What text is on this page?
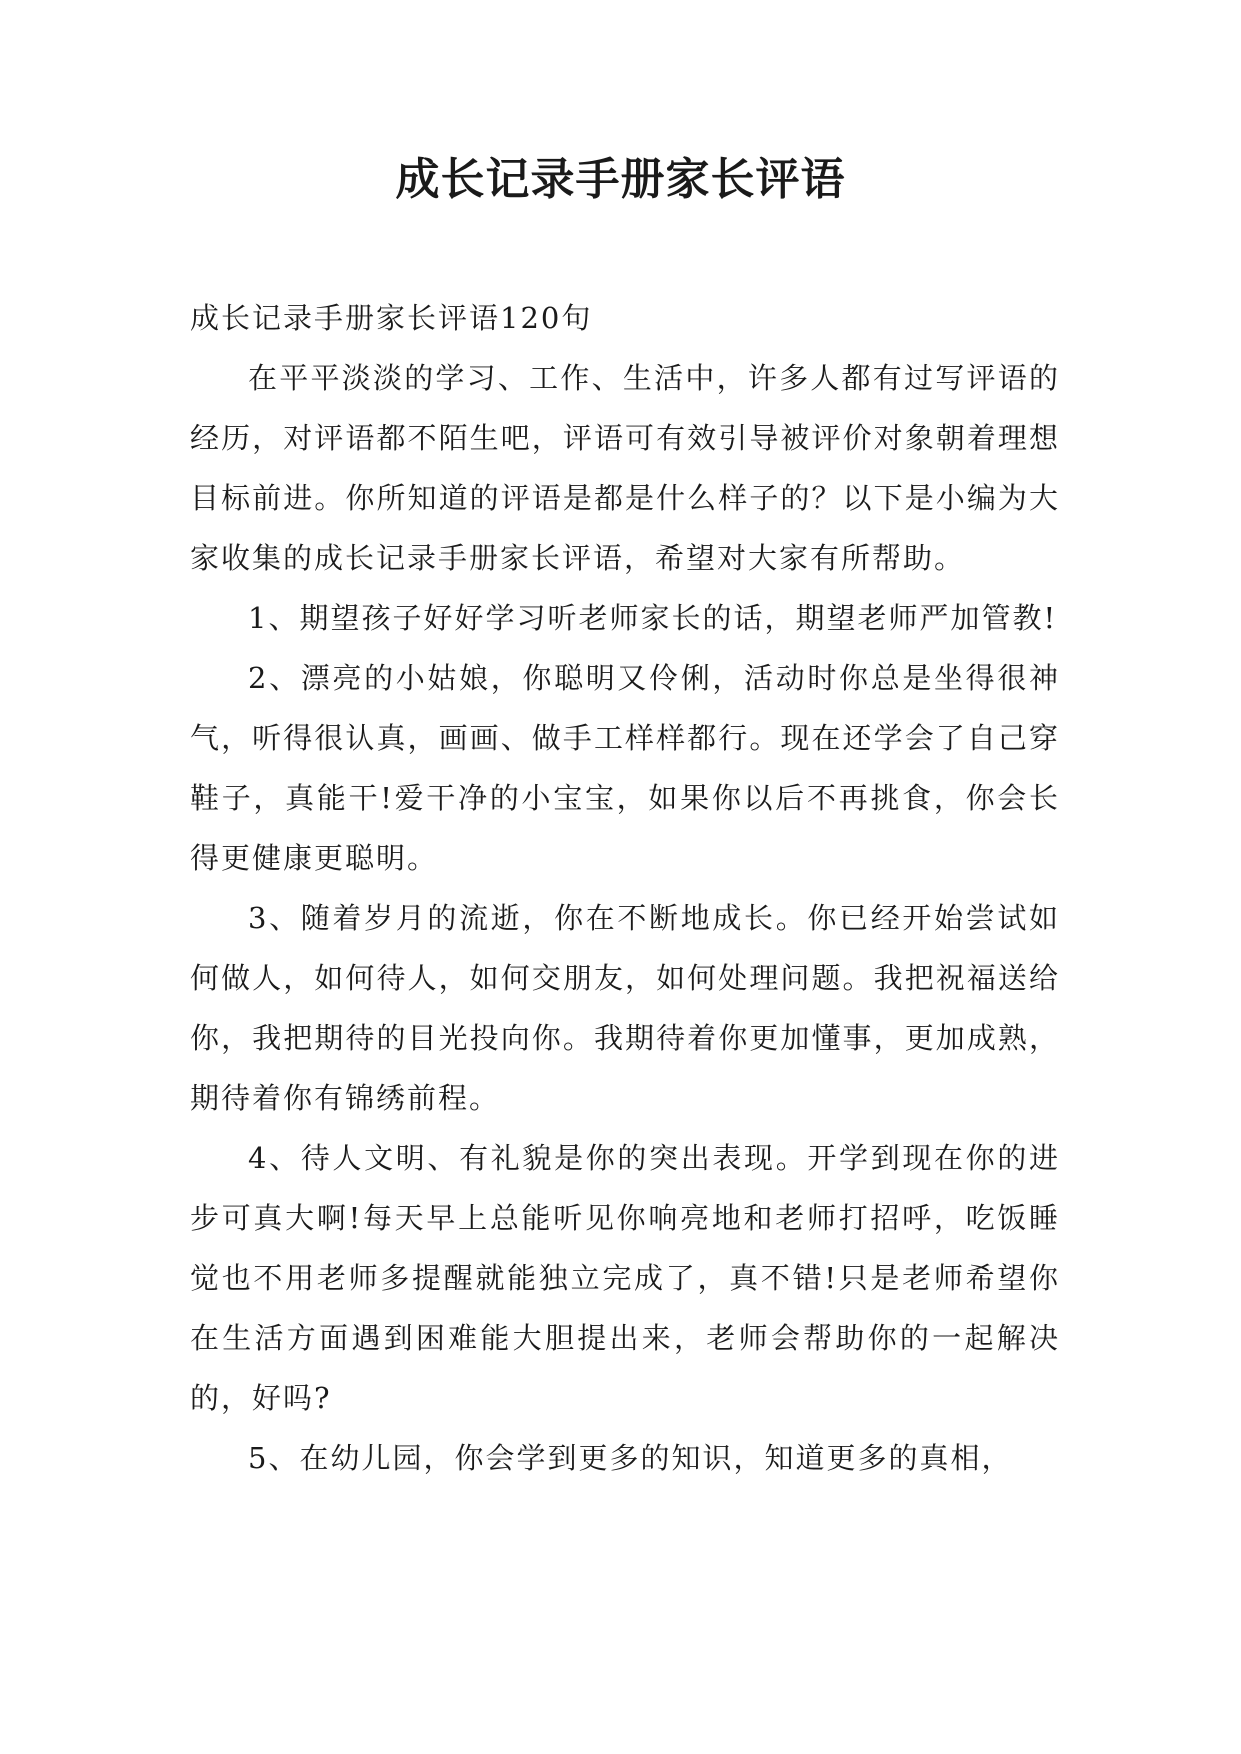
成长记录手册家长评语

成长记录手册家长评语120句

在平平淡淡的学习、工作、生活中，许多人都有过写评语的经历，对评语都不陌生吧，评语可有效引导被评价对象朝着理想目标前进。你所知道的评语是都是什么样子的？以下是小编为大家收集的成长记录手册家长评语，希望对大家有所帮助。

1、期望孩子好好学习听老师家长的话，期望老师严加管教!

2、漂亮的小姑娘，你聪明又伶俐，活动时你总是坐得很神气，听得很认真，画画、做手工样样都行。现在还学会了自己穿鞋子，真能干!爱干净的小宝宝，如果你以后不再挑食，你会长得更健康更聪明。

3、随着岁月的流逝，你在不断地成长。你已经开始尝试如何做人，如何待人，如何交朋友，如何处理问题。我把祝福送给你，我把期待的目光投向你。我期待着你更加懂事，更加成熟，期待着你有锦绣前程。

4、待人文明、有礼貌是你的突出表现。开学到现在你的进步可真大啊!每天早上总能听见你响亮地和老师打招呼，吃饭睡觉也不用老师多提醒就能独立完成了，真不错!只是老师希望你在生活方面遇到困难能大胆提出来，老师会帮助你的一起解决的，好吗?

5、在幼儿园，你会学到更多的知识，知道更多的真相，
